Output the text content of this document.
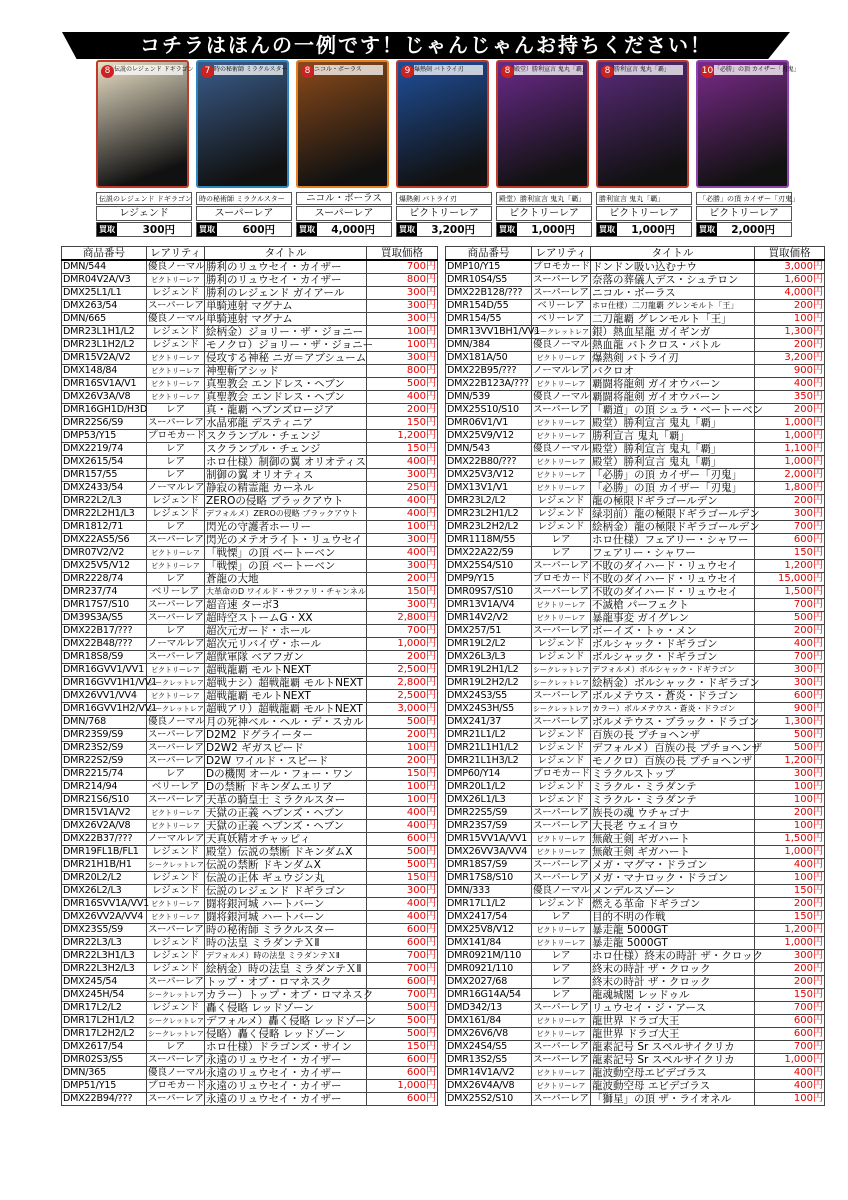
コチラはほんの一例です！じゃんじゃんお持ちください！
8 伝説のレジェンド ドギラゴン
伝説のレジェンド ドギラゴン
レジェンド
買取	300円
7 時の秘術師 ミラクルスター
時の秘術師 ミラクルスター
スーパーレア
買取	600円
8 ニコル・ボーラス
ニコル・ボーラス
スーパーレア
買取 4,000円
9 爆熱剣 バトライ刃
爆熱剣 バトライ刃
ビクトリーレア
買取 3,200円
8 殿堂）勝利宣言 鬼丸「覇」
殿堂）勝利宣言 鬼丸「覇」
ビクトリーレア
買取 1,000円
8 勝利宣言 鬼丸「覇」
勝利宣言 鬼丸「覇」
ビクトリーレア
買取 1,000円
10 「必勝」の頂 カイザー「刃鬼」
「必勝」の頂 カイザー「刃鬼」
ビクトリーレア
買取 2,000円
商品番号	レアリティ	タイトル	買取価格
DMN/544	優良ノーマル	勝利のリュウセイ・カイザー	700円
DMR04V2A/V3	ビクトリーレア	勝利のリュウセイ・カイザー	800円
DMX25L1/L1	レジェンド	勝利のレジェンド ガイアール	300円
DMX263/54	スーパーレア	単騎連射 マグナム	300円
DMN/665	優良ノーマル	単騎連射 マグナム	300円
DMR23L1H1/L2	レジェンド	絵柄金）ジョリー・ザ・ジョニー	100円
DMR23L1H2/L2	レジェンド	モノクロ）ジョリー・ザ・ジョニー	100円
DMR15V2A/V2	ビクトリーレア	侵攻する神秘 ニガ＝アブシューム	300円
DMX148/84	ビクトリーレア	神聖斬アシッド	800円
DMR16SV1A/V1	ビクトリーレア	真聖教会 エンドレス・ヘブン	500円
DMX26V3A/V8	ビクトリーレア	真聖教会 エンドレス・ヘブン	400円
DMR16GH1D/H3D	レア	真・龍覇 ヘブンズロージア	200円
DMR22S6/S9	スーパーレア	水晶邪龍 デスティニア	150円
DMP53/Y15	プロモカード	スクランブル・チェンジ	1,200円
DMX2219/74	レア	スクランブル・チェンジ	150円
DMX2615/54	レア	ホロ仕様）制御の翼 オリオティス	400円
DMR157/55	レア	制御の翼 オリオティス	300円
DMX2433/54	ノーマルレア	静寂の精霊龍 カーネル	250円
DMR22L2/L3	レジェンド	ZEROの侵略 ブラックアウト	400円
DMR22L2H1/L3	レジェンド	デフォルメ）ZEROの侵略 ブラックアウト	400円
DMR1812/71	レア	閃光の守護者ホーリー	100円
DMX22AS5/S6	スーパーレア	閃光のメテオライト・リュウセイ	300円
DMR07V2/V2	ビクトリーレア	「戦慄」の頂 ベートーベン	400円
DMX25V5/V12	ビクトリーレア	「戦慄」の頂 ベートーベン	300円
DMR2228/74	レア	蒼龍の大地	200円
DMR237/74	ベリーレア	大革命のD ワイルド・サファリ・チャンネル	150円
DMR17S7/S10	スーパーレア	超音速 ターボ3	300円
DM39S3A/S5	スーパーレア	超時空ストームG・XX	2,800円
DMX22B17/???	レア	超次元ガード・ホール	700円
DMX22B48/???	ノーマルレア	超次元リバイヴ・ホール	1,000円
DMR18S8/S9	スーパーレア	超獣軍隊 ベアフガン	200円
DMR16GVV1/VV1	ビクトリーレア	超戦龍覇 モルトNEXT	2,500円
DMR16GVV1H1/VV1	シークレットレア	超戦ナシ）超戦龍覇 モルトNEXT	2,800円
DMX26VV1/VV4	ビクトリーレア	超戦龍覇 モルトNEXT	2,500円
DMR16GVV1H2/VV1	シークレットレア	超戦アリ）超戦龍覇 モルトNEXT	3,000円
DMN/768	優良ノーマル	月の死神ベル・ヘル・デ・スカル	500円
DMR23S9/S9	スーパーレア	D2M2 ドグライーター	200円
DMR23S2/S9	スーパーレア	D2W2 ギガスピード	100円
DMR22S2/S9	スーパーレア	D2W ワイルド・スピード	200円
DMR2215/74	レア	Dの機関 オール・フォー・ワン	150円
DMR214/94	ベリーレア	Dの禁断 ドキンダムエリア	100円
DMR21S6/S10	スーパーレア	天革の騎皇士 ミラクルスター	100円
DMR15V1A/V2	ビクトリーレア	天獄の正義 ヘブンズ・ヘブン	400円
DMX26V2A/V8	ビクトリーレア	天獄の正義 ヘブンズ・ヘブン	400円
DMX22B37/???	ノーマルレア	天真妖精オチャッピィ	600円
DMR19FL1B/FL1	レジェンド	殿堂）伝説の禁断 ドキンダムX	500円
DMR21H1B/H1	シークレットレア	伝説の禁断 ドキンダムX	500円
DMR20L2/L2	レジェンド	伝説の正体 ギュウジン丸	150円
DMX26L2/L3	レジェンド	伝説のレジェンド ドギラゴン	300円
DMR16SVV1A/VV1	ビクトリーレア	闘将銀河城 ハートバーン	400円
DMX26VV2A/VV4	ビクトリーレア	闘将銀河城 ハートバーン	400円
DMX23S5/S9	スーパーレア	時の秘術師 ミラクルスター	600円
DMR22L3/L3	レジェンド	時の法皇 ミラダンテＸⅡ	600円
DMR22L3H1/L3	レジェンド	デフォルメ）時の法皇 ミラダンテＸⅡ	700円
DMR22L3H2/L3	レジェンド	絵柄金）時の法皇 ミラダンテＸⅡ	700円
DMX245/54	スーパーレア	トップ・オブ・ロマネスク	600円
DMX245H/54	シークレットレア	カラー）トップ・オブ・ロマネスク	700円
DMR17L2/L2	レジェンド	轟く侵略 レッドゾーン	500円
DMR17L2H1/L2	シークレットレア	デフォルメ）轟く侵略 レッドゾーン	500円
DMR17L2H2/L2	シークレットレア	侵略）轟く侵略 レッドゾーン	500円
DMX2617/54	レア	ホロ仕様）ドラゴンズ・サイン	150円
DMR02S3/S5	スーパーレア	永遠のリュウセイ・カイザー	600円
DMN/365	優良ノーマル	永遠のリュウセイ・カイザー	600円
DMP51/Y15	プロモカード	永遠のリュウセイ・カイザー	1,000円
DMX22B94/???	スーパーレア	永遠のリュウセイ・カイザー	600円
商品番号	レアリティ	タイトル	買取価格
DMP10/Y15	プロモカード	ドンドン吸い込むナウ	3,000円
DMR10S4/S5	スーパーレア	奈落の葬儀人デス・シュテロン	1,600円
DMX22B128/???	スーパーレア	ニコル・ボーラス	4,000円
DMR154D/55	ベリーレア	ホロ仕様）二刀龍覇 グレンモルト「王」	200円
DMR154/55	ベリーレア	二刀龍覇 グレンモルト「王」	100円
DMR13VV1BH1/VV1	シークレットレア	銀）熱血星龍 ガイギンガ	1,300円
DMN/384	優良ノーマル	熱血龍 バトクロス・バトル	200円
DMX181A/50	ビクトリーレア	爆熱剣 バトライ刃	3,200円
DMX22B95/???	ノーマルレア	バクロオ	900円
DMX22B123A/???	ビクトリーレア	覇闘将龍剣 ガイオウバーン	400円
DMN/539	優良ノーマル	覇闘将龍剣 ガイオウバーン	350円
DMX25S10/S10	スーパーレア	「覇道」の頂 シュラ・ベートーベン	200円
DMR06V1/V1	ビクトリーレア	殿堂）勝利宣言 鬼丸「覇」	1,000円
DMX25V9/V12	ビクトリーレア	勝利宣言 鬼丸「覇」	1,000円
DMN/543	優良ノーマル	殿堂）勝利宣言 鬼丸「覇」	1,100円
DMX22B80/???	ビクトリーレア	殿堂）勝利宣言 鬼丸「覇」	1,000円
DMX25V3/V12	ビクトリーレア	「必勝」の頂 カイザー「刃鬼」	2,000円
DMX13V1/V1	ビクトリーレア	「必勝」の頂 カイザー「刃鬼」	1,800円
DMR23L2/L2	レジェンド	龍の極限ドギラゴールデン	200円
DMR23L2H1/L2	レジェンド	緑羽前）龍の極限ドギラゴールデン	300円
DMR23L2H2/L2	レジェンド	絵柄金）龍の極限ドギラゴールデン	700円
DMR1118M/55	レア	ホロ仕様）フェアリー・シャワー	600円
DMX22A22/59	レア	フェアリー・シャワー	150円
DMX25S4/S10	スーパーレア	不敗のダイハード・リュウセイ	1,200円
DMP9/Y15	プロモカード	不敗のダイハード・リュウセイ	15,000円
DMR09S7/S10	スーパーレア	不敗のダイハード・リュウセイ	1,500円
DMR13V1A/V4	ビクトリーレア	不滅槍 パーフェクト	700円
DMR14V2/V2	ビクトリーレア	暴龍事変 ガイグレン	500円
DMX257/51	スーパーレア	ボーイズ・トゥ・メン	200円
DMR19L2/L2	レジェンド	ボルシャック・ドギラゴン	400円
DMX26L3/L3	レジェンド	ボルシャック・ドギラゴン	700円
DMR19L2H1/L2	シークレットレア	デフォルメ）ボルシャック・ドギラゴン	300円
DMR19L2H2/L2	シークレットレア	絵柄金）ボルシャック・ドギラゴン	300円
DMX24S3/S5	スーパーレア	ボルメテウス・蒼炎・ドラゴン	600円
DMX24S3H/S5	シークレットレア	カラー）ボルメテウス・蒼炎・ドラゴン	900円
DMX241/37	スーパーレア	ボルメテウス・ブラック・ドラゴン	1,300円
DMR21L1/L2	レジェンド	百族の長 プチョヘンザ	500円
DMR21L1H1/L2	レジェンド	デフォルメ）百族の長 プチョヘンザ	500円
DMR21L1H3/L2	レジェンド	モノクロ）百族の長 プチョヘンザ	1,200円
DMP60/Y14	プロモカード	ミラクルストップ	300円
DMR20L1/L2	レジェンド	ミラクル・ミラダンテ	100円
DMX26L1/L3	レジェンド	ミラクル・ミラダンテ	100円
DMR22S5/S9	スーパーレア	族長の魂 ウチャゴナ	200円
DMR23S7/S9	スーパーレア	大長老 ウェイヨウ	100円
DMR15VV1A/VV1	ビクトリーレア	無敵王剣 ギガハート	1,500円
DMX26VV3A/VV4	ビクトリーレア	無敵王剣 ギガハート	1,000円
DMR18S7/S9	スーパーレア	メガ・マグマ・ドラゴン	400円
DMR17S8/S10	スーパーレア	メガ・マナロック・ドラゴン	100円
DMN/333	優良ノーマル	メンデルスゾーン	150円
DMR17L1/L2	レジェンド	燃える革命 ドギラゴン	200円
DMX2417/54	レア	目的不明の作戦	150円
DMX25V8/V12	ビクトリーレア	暴走龍 5000GT	1,200円
DMX141/84	ビクトリーレア	暴走龍 5000GT	1,000円
DMR0921M/110	レア	ホロ仕様）終末の時計 ザ・クロック	300円
DMR0921/110	レア	終末の時計 ザ・クロック	200円
DMX2027/68	レア	終末の時計 ザ・クロック	200円
DMR16G14A/54	レア	龍魂城閣 レッドゥル	150円
DMD342/13	スーパーレア	リュウセイ・ジ・アース	700円
DMX161/84	ビクトリーレア	龍世界 ドラゴ大王	600円
DMX26V6/V8	ビクトリーレア	龍世界 ドラゴ大王	600円
DMX24S4/S5	スーパーレア	龍素記号 Sr スペルサイクリカ	700円
DMR13S2/S5	スーパーレア	龍素記号 Sr スペルサイクリカ	1,000円
DMR14V1A/V2	ビクトリーレア	龍波動空母エビデゴラス	400円
DMX26V4A/V8	ビクトリーレア	龍波動空母 エビデゴラス	400円
DMX25S2/S10	スーパーレア	「獅星」の頂 ザ・ライオネル	100円
